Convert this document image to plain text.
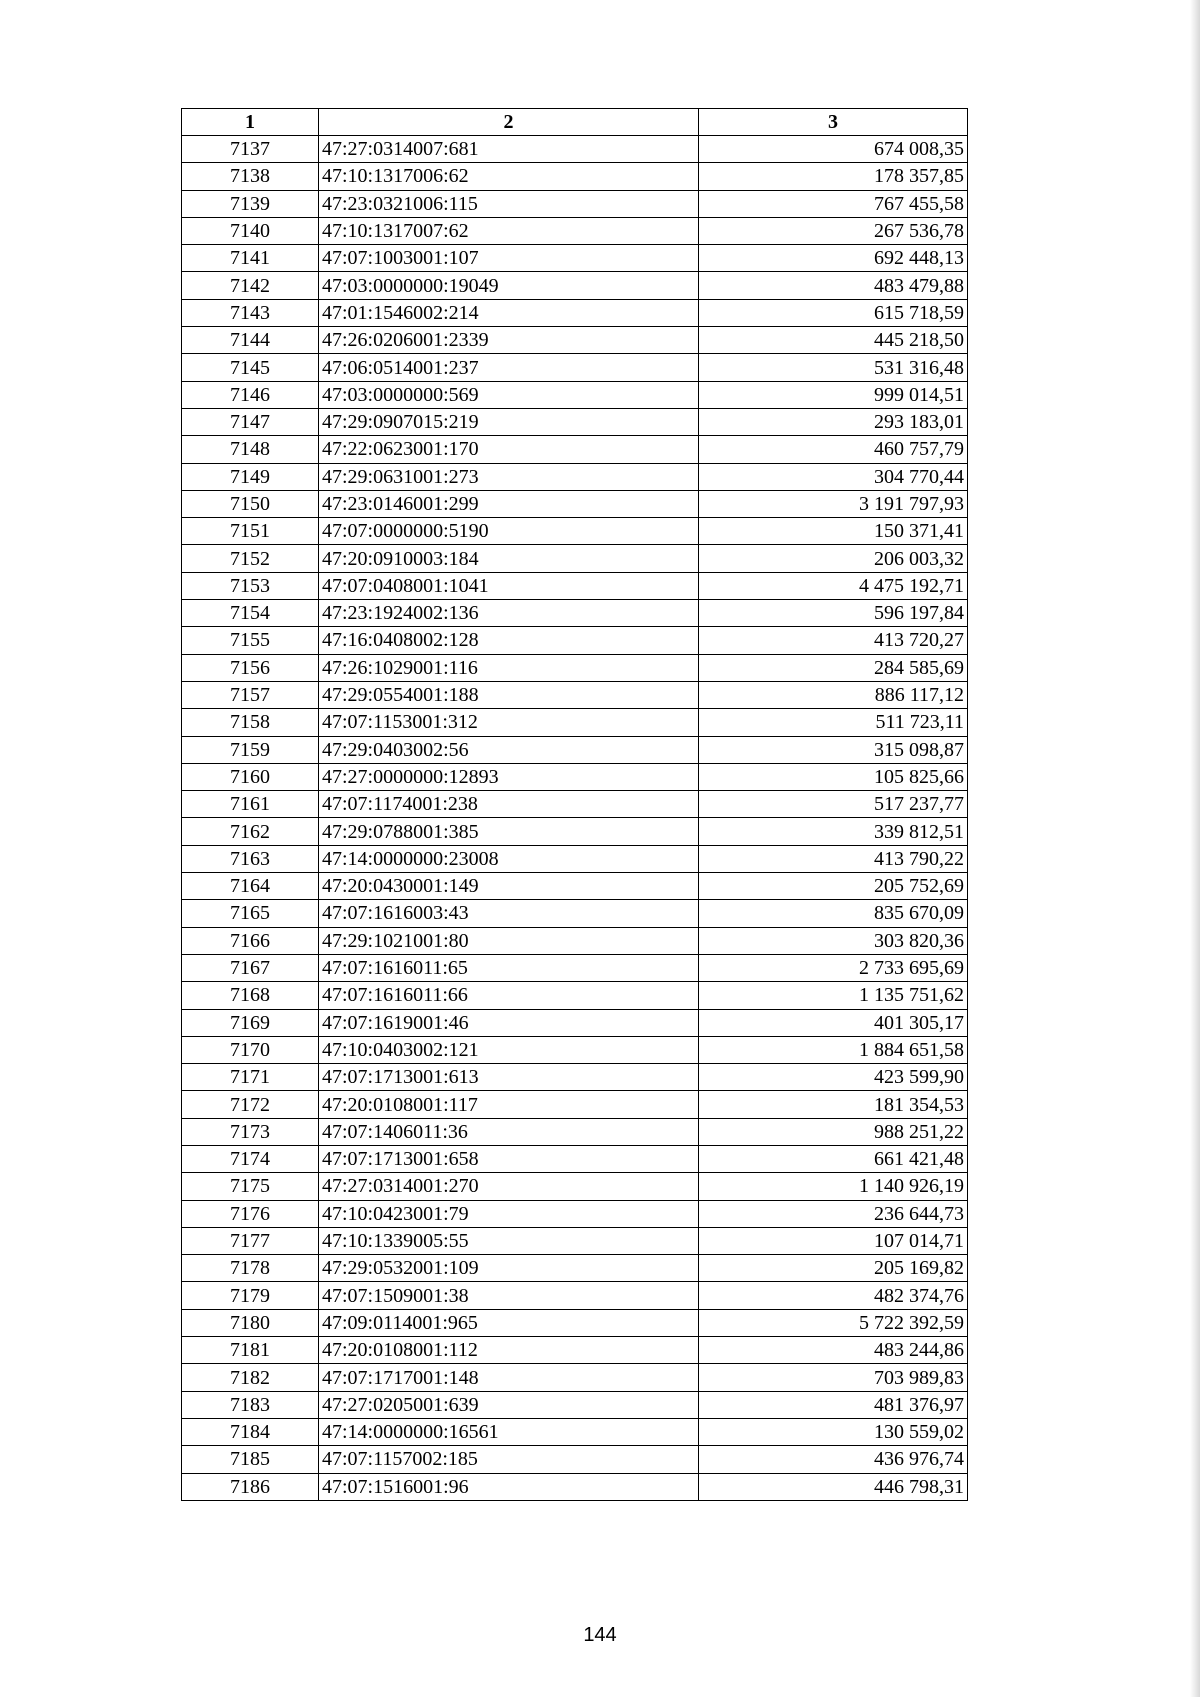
1	2	3
7137	47:27:0314007:681	674 008,35
7138	47:10:1317006:62	178 357,85
7139	47:23:0321006:115	767 455,58
7140	47:10:1317007:62	267 536,78
7141	47:07:1003001:107	692 448,13
7142	47:03:0000000:19049	483 479,88
7143	47:01:1546002:214	615 718,59
7144	47:26:0206001:2339	445 218,50
7145	47:06:0514001:237	531 316,48
7146	47:03:0000000:569	999 014,51
7147	47:29:0907015:219	293 183,01
7148	47:22:0623001:170	460 757,79
7149	47:29:0631001:273	304 770,44
7150	47:23:0146001:299	3 191 797,93
7151	47:07:0000000:5190	150 371,41
7152	47:20:0910003:184	206 003,32
7153	47:07:0408001:1041	4 475 192,71
7154	47:23:1924002:136	596 197,84
7155	47:16:0408002:128	413 720,27
7156	47:26:1029001:116	284 585,69
7157	47:29:0554001:188	886 117,12
7158	47:07:1153001:312	511 723,11
7159	47:29:0403002:56	315 098,87
7160	47:27:0000000:12893	105 825,66
7161	47:07:1174001:238	517 237,77
7162	47:29:0788001:385	339 812,51
7163	47:14:0000000:23008	413 790,22
7164	47:20:0430001:149	205 752,69
7165	47:07:1616003:43	835 670,09
7166	47:29:1021001:80	303 820,36
7167	47:07:1616011:65	2 733 695,69
7168	47:07:1616011:66	1 135 751,62
7169	47:07:1619001:46	401 305,17
7170	47:10:0403002:121	1 884 651,58
7171	47:07:1713001:613	423 599,90
7172	47:20:0108001:117	181 354,53
7173	47:07:1406011:36	988 251,22
7174	47:07:1713001:658	661 421,48
7175	47:27:0314001:270	1 140 926,19
7176	47:10:0423001:79	236 644,73
7177	47:10:1339005:55	107 014,71
7178	47:29:0532001:109	205 169,82
7179	47:07:1509001:38	482 374,76
7180	47:09:0114001:965	5 722 392,59
7181	47:20:0108001:112	483 244,86
7182	47:07:1717001:148	703 989,83
7183	47:27:0205001:639	481 376,97
7184	47:14:0000000:16561	130 559,02
7185	47:07:1157002:185	436 976,74
7186	47:07:1516001:96	446 798,31
144
